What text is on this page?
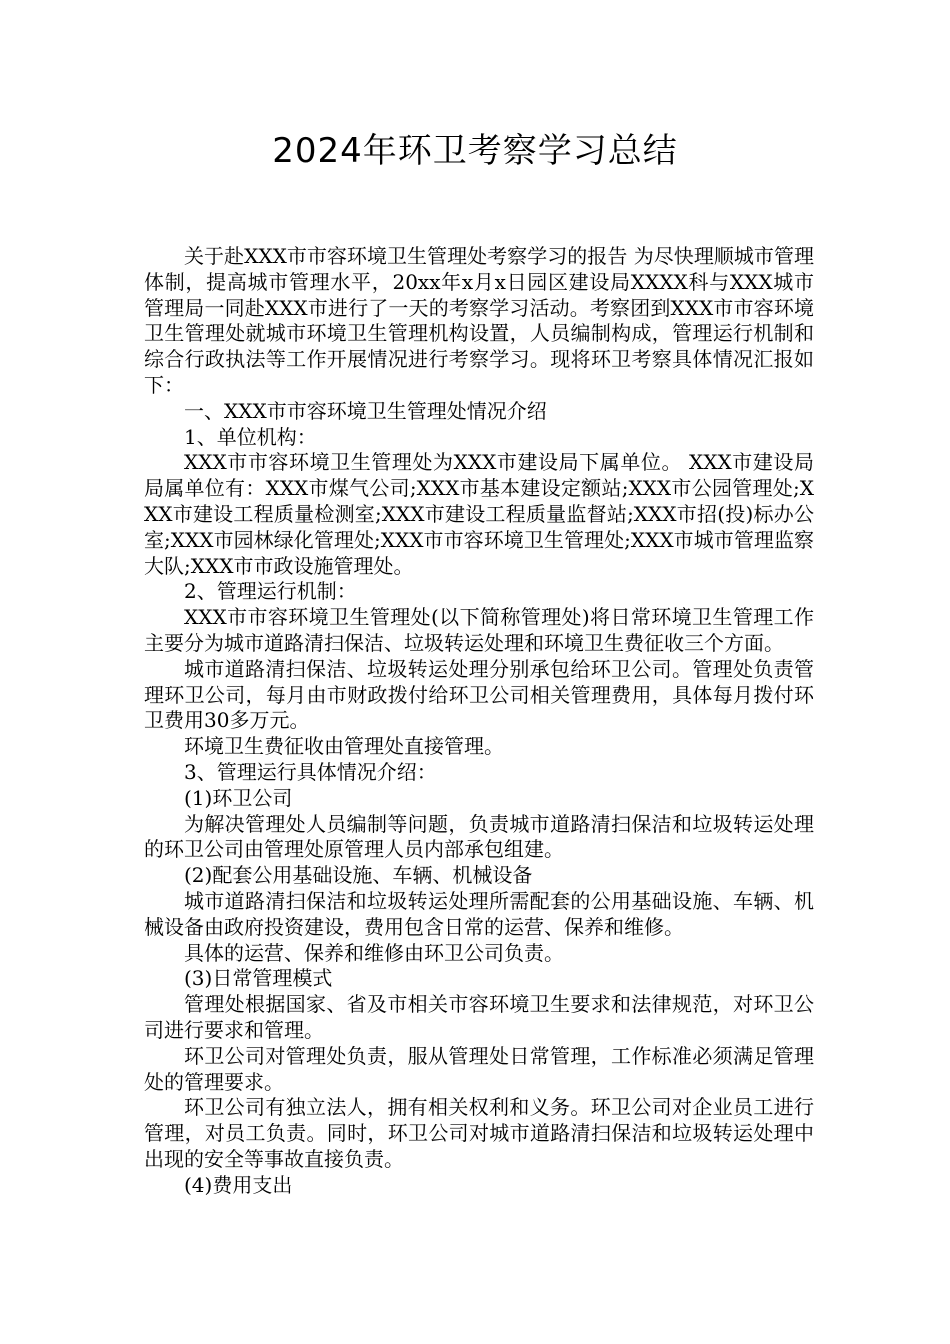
2024年环卫考察学习总结

关于赴XXX市市容环境卫生管理处考察学习的报告 为尽快理顺城市管理体制，提高城市管理水平，20xx年x月x日园区建设局XXXX科与XXX城市管理局一同赴XXX市进行了一天的考察学习活动。考察团到XXX市市容环境卫生管理处就城市环境卫生管理机构设置，人员编制构成，管理运行机制和综合行政执法等工作开展情况进行考察学习。现将环卫考察具体情况汇报如下：

一、XXX市市容环境卫生管理处情况介绍

1、单位机构：

XXX市市容环境卫生管理处为XXX市建设局下属单位。 XXX市建设局局属单位有：XXX市煤气公司;XXX市基本建设定额站;XXX市公园管理处;XXX市建设工程质量检测室;XXX市建设工程质量监督站;XXX市招(投)标办公室;XXX市园林绿化管理处;XXX市市容环境卫生管理处;XXX市城市管理监察大队;XXX市市政设施管理处。

2、管理运行机制：

XXX市市容环境卫生管理处(以下简称管理处)将日常环境卫生管理工作主要分为城市道路清扫保洁、垃圾转运处理和环境卫生费征收三个方面。

城市道路清扫保洁、垃圾转运处理分别承包给环卫公司。管理处负责管理环卫公司，每月由市财政拨付给环卫公司相关管理费用，具体每月拨付环卫费用30多万元。

环境卫生费征收由管理处直接管理。

3、管理运行具体情况介绍：

(1)环卫公司

为解决管理处人员编制等问题，负责城市道路清扫保洁和垃圾转运处理的环卫公司由管理处原管理人员内部承包组建。

(2)配套公用基础设施、车辆、机械设备

城市道路清扫保洁和垃圾转运处理所需配套的公用基础设施、车辆、机械设备由政府投资建设，费用包含日常的运营、保养和维修。

具体的运营、保养和维修由环卫公司负责。

(3)日常管理模式

管理处根据国家、省及市相关市容环境卫生要求和法律规范，对环卫公司进行要求和管理。

环卫公司对管理处负责，服从管理处日常管理，工作标准必须满足管理处的管理要求。

环卫公司有独立法人，拥有相关权利和义务。环卫公司对企业员工进行管理，对员工负责。同时，环卫公司对城市道路清扫保洁和垃圾转运处理中出现的安全等事故直接负责。

(4)费用支出
